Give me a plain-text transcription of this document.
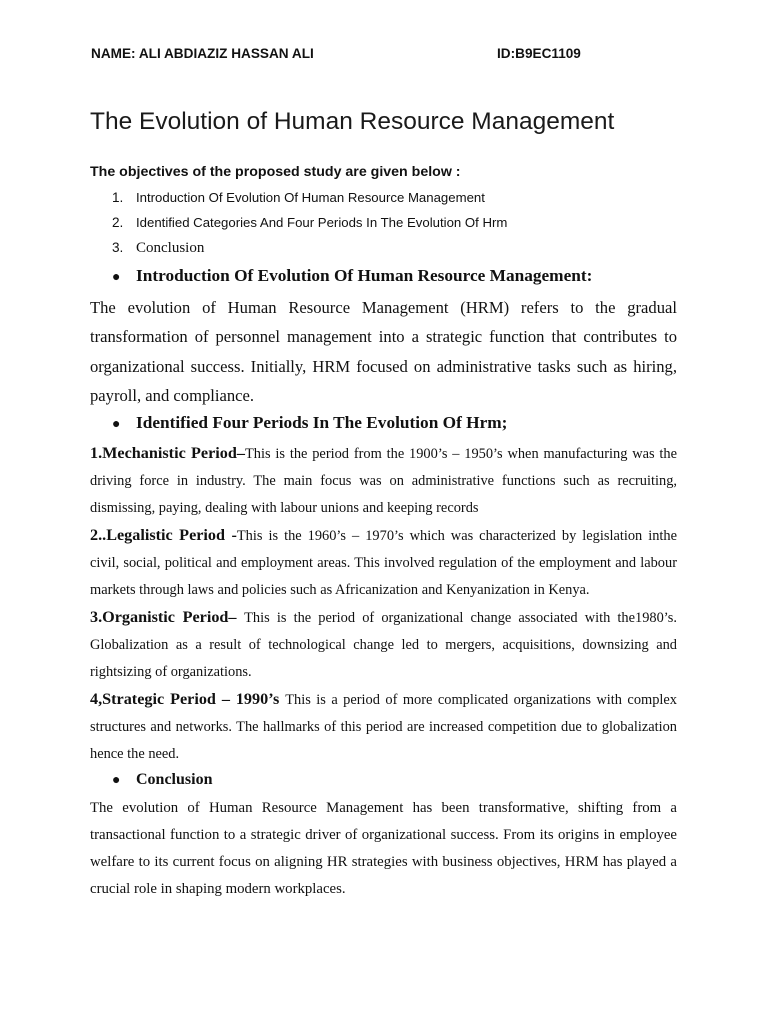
NAME: ALI ABDIAZIZ HASSAN ALI	ID:B9EC1109
The Evolution of Human Resource Management
The objectives of the proposed study are given below :
1. Introduction Of Evolution Of Human Resource Management
2. Identified Categories And Four Periods In The Evolution Of Hrm
3. Conclusion
● Introduction Of Evolution Of Human Resource Management:

The evolution of Human Resource Management (HRM) refers to the gradual transformation of personnel management into a strategic function that contributes to organizational success. Initially, HRM focused on administrative tasks such as hiring, payroll, and compliance.

● Identified Four Periods In The Evolution Of Hrm;

1.Mechanistic Period–This is the period from the 1900’s – 1950’s when manufacturing was the driving force in industry. The main focus was on administrative functions such as recruiting, dismissing, paying, dealing with labour unions and keeping records

2..Legalistic Period -This is the 1960’s – 1970’s which was characterized by legislation inthe civil, social, political and employment areas. This involved regulation of the employment and labour markets through laws and policies such as Africanization and Kenyanization in Kenya.

3.Organistic Period– This is the period of organizational change associated with the1980’s. Globalization as a result of technological change led to mergers, acquisitions, downsizing and rightsizing of organizations.

4,Strategic Period – 1990’s This is a period of more complicated organizations with complex structures and networks. The hallmarks of this period are increased competition due to globalization hence the need.

● Conclusion

The evolution of Human Resource Management has been transformative, shifting from a transactional function to a strategic driver of organizational success. From its origins in employee welfare to its current focus on aligning HR strategies with business objectives, HRM has played a crucial role in shaping modern workplaces.
